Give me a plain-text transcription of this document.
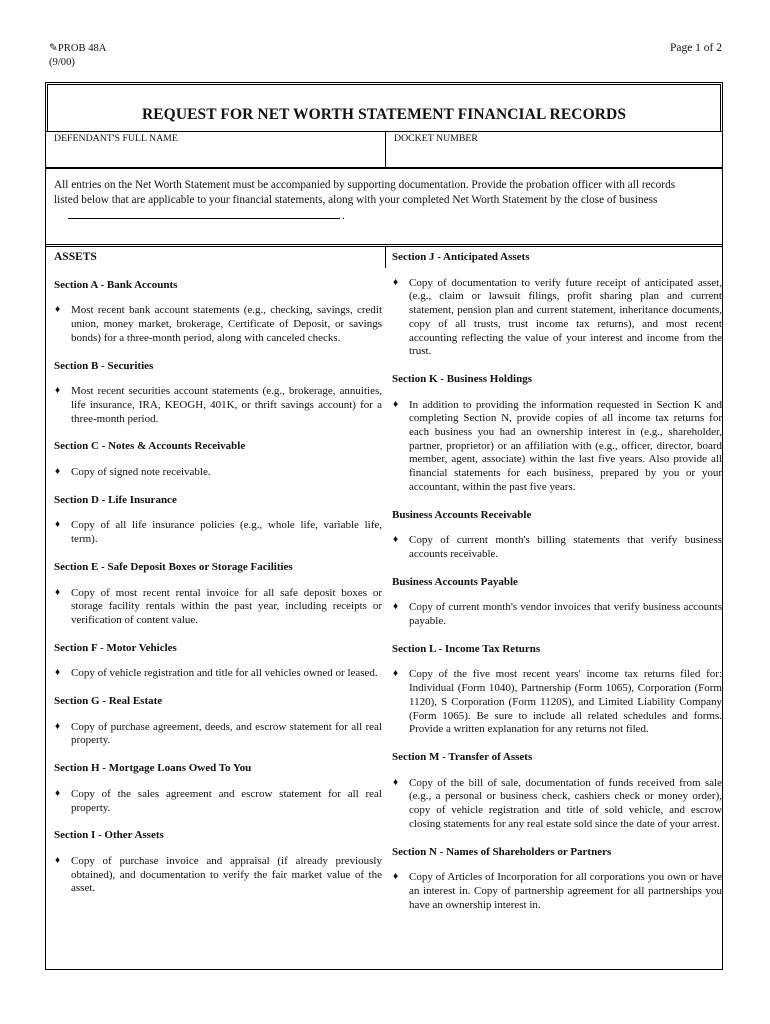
✎PROB 48A
(9/00)
Page 1 of 2
REQUEST FOR NET WORTH STATEMENT FINANCIAL RECORDS
DEFENDANT'S FULL NAME	DOCKET NUMBER
All entries on the Net Worth Statement must be accompanied by supporting documentation. Provide the probation officer with all records listed below that are applicable to your financial statements, along with your completed Net Worth Statement by the close of business.
ASSETS
Section A - Bank Accounts
♦ Most recent bank account statements (e.g., checking, savings, credit union, money market, brokerage, Certificate of Deposit, or savings bonds) for a three-month period, along with canceled checks.
Section B - Securities
♦ Most recent securities account statements (e.g., brokerage, annuities, life insurance, IRA, KEOGH, 401K, or thrift savings account) for a three-month period.
Section C - Notes & Accounts Receivable
♦ Copy of signed note receivable.
Section D - Life Insurance
♦ Copy of all life insurance policies (e.g., whole life, variable life, term).
Section E - Safe Deposit Boxes or Storage Facilities
♦ Copy of most recent rental invoice for all safe deposit boxes or storage facility rentals within the past year, including receipts or verification of content value.
Section F - Motor Vehicles
♦ Copy of vehicle registration and title for all vehicles owned or leased.
Section G - Real Estate
♦ Copy of purchase agreement, deeds, and escrow statement for all real property.
Section H - Mortgage Loans Owed To You
♦ Copy of the sales agreement and escrow statement for all real property.
Section I - Other Assets
♦ Copy of purchase invoice and appraisal (if already previously obtained), and documentation to verify the fair market value of the asset.
Section J - Anticipated Assets
♦ Copy of documentation to verify future receipt of anticipated asset, (e.g., claim or lawsuit filings, profit sharing plan and current statement, pension plan and current statement, inheritance documents, copy of all trusts, trust income tax returns), and most recent accounting reflecting the value of your interest and income from the trust.
Section K - Business Holdings
♦ In addition to providing the information requested in Section K and completing Section N, provide copies of all income tax returns for each business you had an ownership interest in (e.g., shareholder, partner, proprietor) or an affiliation with (e.g., officer, director, board member, agent, associate) within the last five years. Also provide all financial statements for each business, prepared by you or your accountant, within the past five years.
Business Accounts Receivable
♦ Copy of current month's billing statements that verify business accounts receivable.
Business Accounts Payable
♦ Copy of current month's vendor invoices that verify business accounts payable.
Section L - Income Tax Returns
♦ Copy of the five most recent years' income tax returns filed for: Individual (Form 1040), Partnership (Form 1065), Corporation (Form 1120), S Corporation (Form 1120S), and Limited Liability Company (Form 1065). Be sure to include all related schedules and forms. Provide a written explanation for any returns not filed.
Section M - Transfer of Assets
♦ Copy of the bill of sale, documentation of funds received from sale (e.g., a personal or business check, cashiers check or money order), copy of vehicle registration and title of sold vehicle, and escrow closing statements for any real estate sold since the date of your arrest.
Section N - Names of Shareholders or Partners
♦ Copy of Articles of Incorporation for all corporations you own or have an interest in. Copy of partnership agreement for all partnerships you have an ownership interest in.
